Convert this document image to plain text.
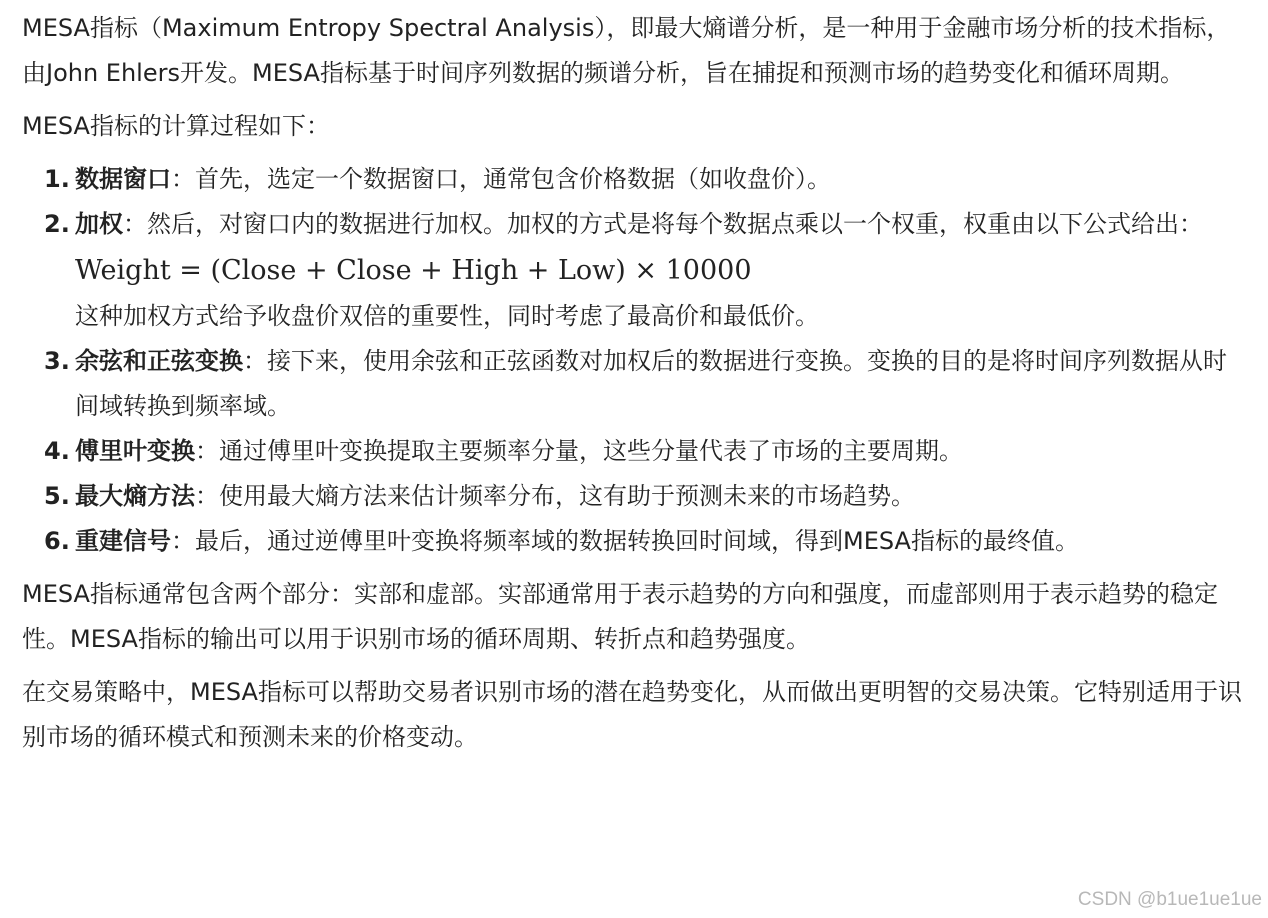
MESA指标（Maximum Entropy Spectral Analysis），即最大熵谱分析，是一种用于金融市场分析的技术指标，由John Ehlers开发。MESA指标基于时间序列数据的频谱分析，旨在捕捉和预测市场的趋势变化和循环周期。

MESA指标的计算过程如下：

1. 数据窗口：首先，选定一个数据窗口，通常包含价格数据（如收盘价）。
2. 加权：然后，对窗口内的数据进行加权。加权的方式是将每个数据点乘以一个权重，权重由以下公式给出：
Weight = (Close + Close + High + Low) × 10000
这种加权方式给予收盘价双倍的重要性，同时考虑了最高价和最低价。
3. 余弦和正弦变换：接下来，使用余弦和正弦函数对加权后的数据进行变换。变换的目的是将时间序列数据从时间域转换到频率域。
4. 傅里叶变换：通过傅里叶变换提取主要频率分量，这些分量代表了市场的主要周期。
5. 最大熵方法：使用最大熵方法来估计频率分布，这有助于预测未来的市场趋势。
6. 重建信号：最后，通过逆傅里叶变换将频率域的数据转换回时间域，得到MESA指标的最终值。

MESA指标通常包含两个部分：实部和虚部。实部通常用于表示趋势的方向和强度，而虚部则用于表示趋势的稳定性。MESA指标的输出可以用于识别市场的循环周期、转折点和趋势强度。

在交易策略中，MESA指标可以帮助交易者识别市场的潜在趋势变化，从而做出更明智的交易决策。它特别适用于识别市场的循环模式和预测未来的价格变动。

CSDN @b1ue1ue1ue
